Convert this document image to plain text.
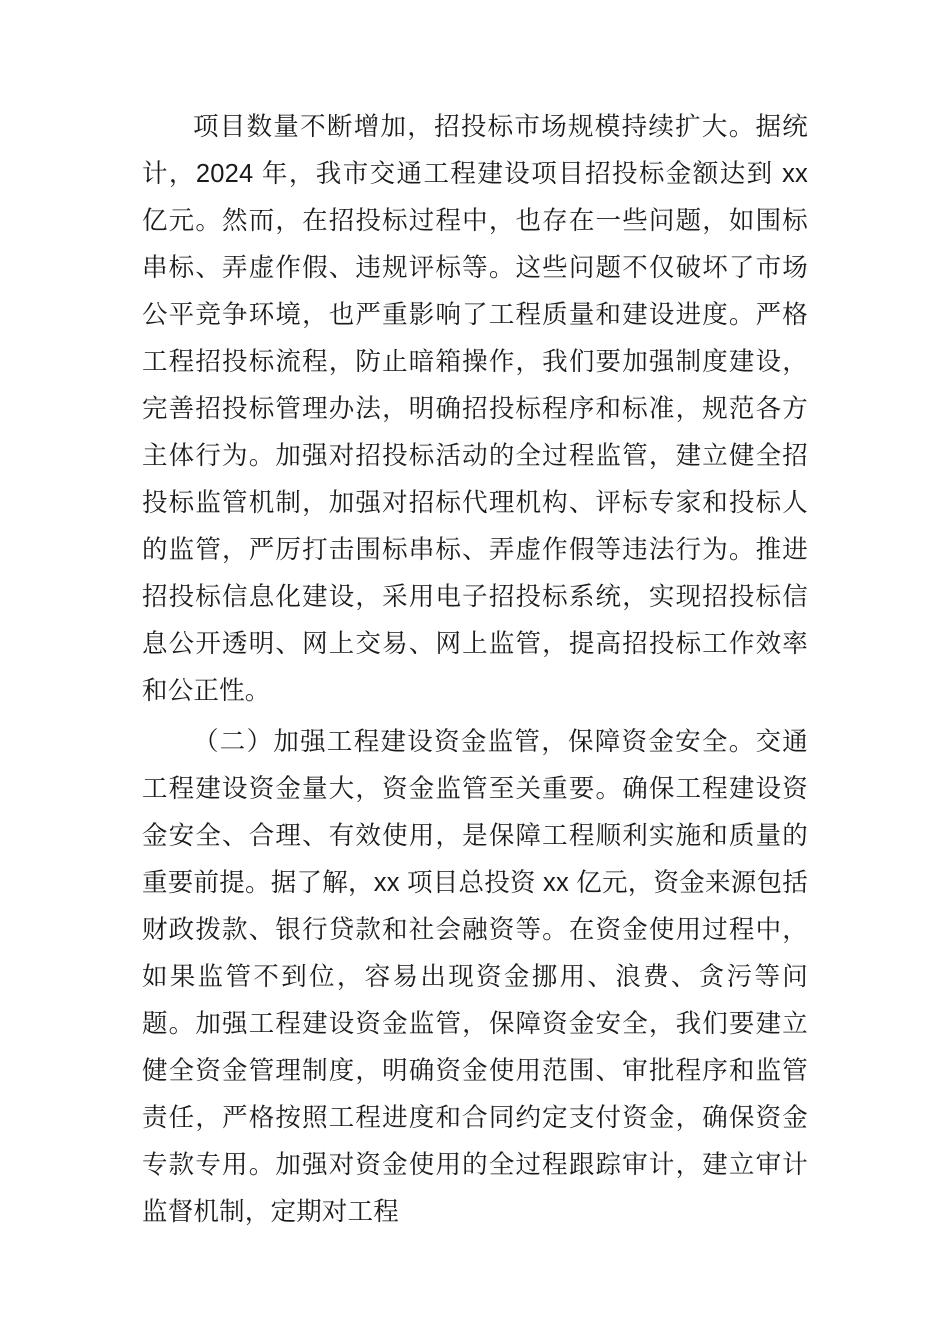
项目数量不断增加，招投标市场规模持续扩大。据统计，2024 年，我市交通工程建设项目招投标金额达到 xx 亿元。然而，在招投标过程中，也存在一些问题，如围标串标、弄虚作假、违规评标等。这些问题不仅破坏了市场公平竞争环境，也严重影响了工程质量和建设进度。严格工程招投标流程，防止暗箱操作，我们要加强制度建设，完善招投标管理办法，明确招投标程序和标准，规范各方主体行为。加强对招投标活动的全过程监管，建立健全招投标监管机制，加强对招标代理机构、评标专家和投标人的监管，严厉打击围标串标、弄虚作假等违法行为。推进招投标信息化建设，采用电子招投标系统，实现招投标信息公开透明、网上交易、网上监管，提高招投标工作效率和公正性。

（二）加强工程建设资金监管，保障资金安全。交通工程建设资金量大，资金监管至关重要。确保工程建设资金安全、合理、有效使用，是保障工程顺利实施和质量的重要前提。据了解，xx 项目总投资 xx 亿元，资金来源包括财政拨款、银行贷款和社会融资等。在资金使用过程中，如果监管不到位，容易出现资金挪用、浪费、贪污等问题。加强工程建设资金监管，保障资金安全，我们要建立健全资金管理制度，明确资金使用范围、审批程序和监管责任，严格按照工程进度和合同约定支付资金，确保资金专款专用。加强对资金使用的全过程跟踪审计，建立审计监督机制，定期对工程
